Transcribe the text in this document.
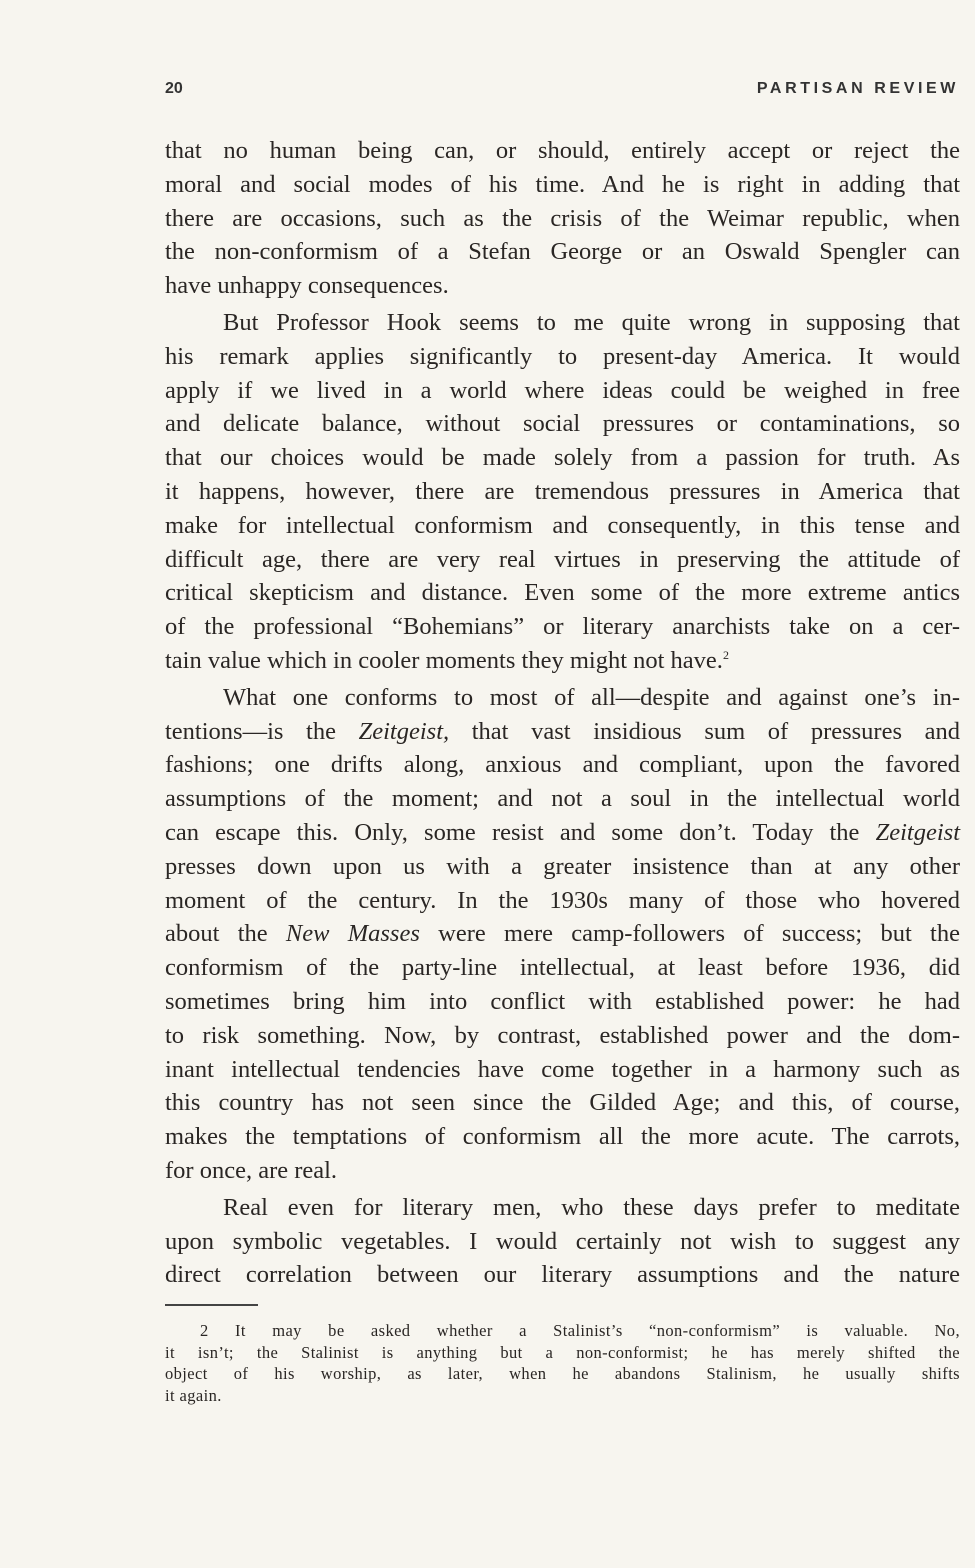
20	PARTISAN REVIEW
that no human being can, or should, entirely accept or reject the
moral and social modes of his time. And he is right in adding that
there are occasions, such as the crisis of the Weimar republic, when
the non-conformism of a Stefan George or an Oswald Spengler can
have unhappy consequences.
But Professor Hook seems to me quite wrong in supposing that
his remark applies significantly to present-day America. It would
apply if we lived in a world where ideas could be weighed in free
and delicate balance, without social pressures or contaminations, so
that our choices would be made solely from a passion for truth. As
it happens, however, there are tremendous pressures in America that
make for intellectual conformism and consequently, in this tense and
difficult age, there are very real virtues in preserving the attitude of
critical skepticism and distance. Even some of the more extreme antics
of the professional “Bohemians” or literary anarchists take on a cer-
tain value which in cooler moments they might not have.$^2$
What one conforms to most of all—despite and against one’s in-
tentions—is the Zeitgeist, that vast insidious sum of pressures and
fashions; one drifts along, anxious and compliant, upon the favored
assumptions of the moment; and not a soul in the intellectual world
can escape this. Only, some resist and some don’t. Today the Zeitgeist
presses down upon us with a greater insistence than at any other
moment of the century. In the 1930s many of those who hovered
about the New Masses were mere camp-followers of success; but the
conformism of the party-line intellectual, at least before 1936, did
sometimes bring him into conflict with established power: he had
to risk something. Now, by contrast, established power and the dom-
inant intellectual tendencies have come together in a harmony such as
this country has not seen since the Gilded Age; and this, of course,
makes the temptations of conformism all the more acute. The carrots,
for once, are real.
Real even for literary men, who these days prefer to meditate
upon symbolic vegetables. I would certainly not wish to suggest any
direct correlation between our literary assumptions and the nature
2 It may be asked whether a Stalinist’s “non-conformism” is valuable. No,
it isn’t; the Stalinist is anything but a non-conformist; he has merely shifted the
object of his worship, as later, when he abandons Stalinism, he usually shifts
it again.
